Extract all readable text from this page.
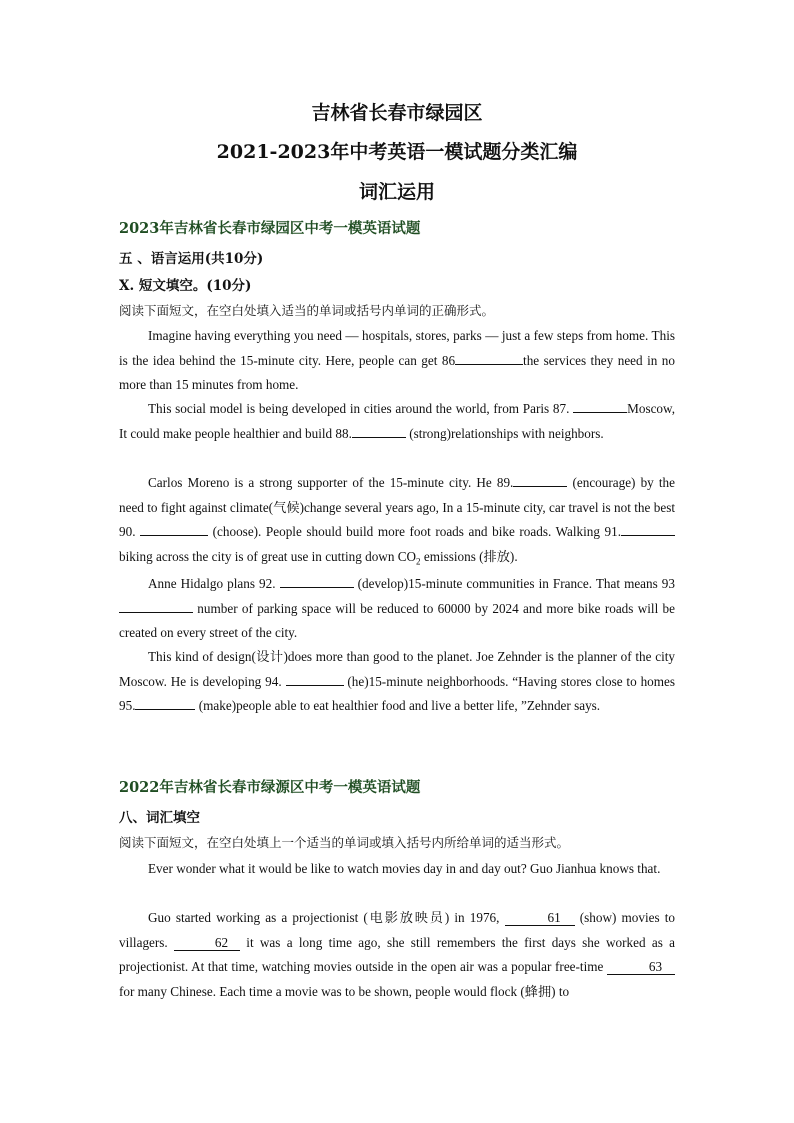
吉林省长春市绿园区
2021-2023年中考英语一模试题分类汇编
词汇运用
2023年吉林省长春市绿园区中考一模英语试题
五 、语言运用(共10分)
X. 短文填空。(10分)
阅读下面短文，在空白处填入适当的单词或括号内单词的正确形式。

Imagine having everything you need — hospitals, stores, parks — just a few steps from home. This is the idea behind the 15-minute city. Here, people can get 86	the services they need in no more than 15 minutes from home.

This social model is being developed in cities around the world, from Paris 87.	Moscow, It could make people healthier and build 88.	(strong)relationships with neighbors.

Carlos Moreno is a strong supporter of the 15-minute city. He 89.	(encourage) by the need to fight against climate(气候)change several years ago, In a 15-minute city, car travel is not the best 90.	(choose). People should build more foot roads and bike roads. Walking 91.biking across the city is of great use in cutting down $CO_2$ emissions (排放).

Anne Hidalgo plans 92.	(develop)15-minute communities in France. That means 93 number of parking space will be reduced to 60000 by 2024 and more bike roads will be created on every street of the city.

This kind of design(设计)does more than good to the planet. Joe Zehnder is the planner of the city Moscow. He is developing 94.	(he)15-minute neighborhoods. “Having stores close to homes 95.	(make)people able to eat healthier food and live a better life, ”Zehnder says.

2022年吉林省长春市绿源区中考一模英语试题
八、词汇填空
阅读下面短文，在空白处填上一个适当的单词或填入括号内所给单词的适当形式。

Ever wonder what it would be like to watch movies day in and day out? Guo Jianhua knows that.

Guo started working as a projectionist (电影放映员) in 1976,	61 (show) movies to villagers.	62 it was a long time ago, she still remembers the first days she worked as a projectionist. At that time, watching movies outside in the open air was a popular free-time	63 for many Chinese. Each time a movie was to be shown, people would flock (蜂拥) to
